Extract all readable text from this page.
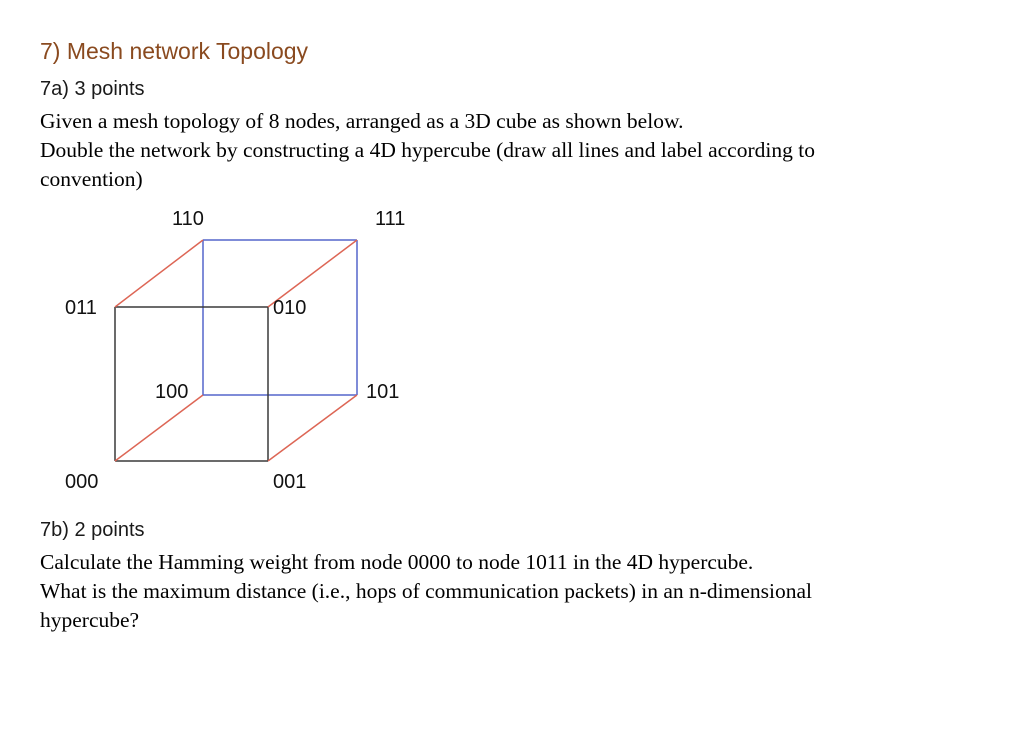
7) Mesh network Topology

7a) 3 points

Given a mesh topology of 8 nodes, arranged as a 3D cube as shown below.
Double the network by constructing a 4D hypercube (draw all lines and label according to
convention)
110	111
011	010
100	101
000	001

7b) 2 points

Calculate the Hamming weight from node 0000 to node 1011 in the 4D hypercube.
What is the maximum distance (i.e., hops of communication packets) in an n-dimensional
hypercube?
